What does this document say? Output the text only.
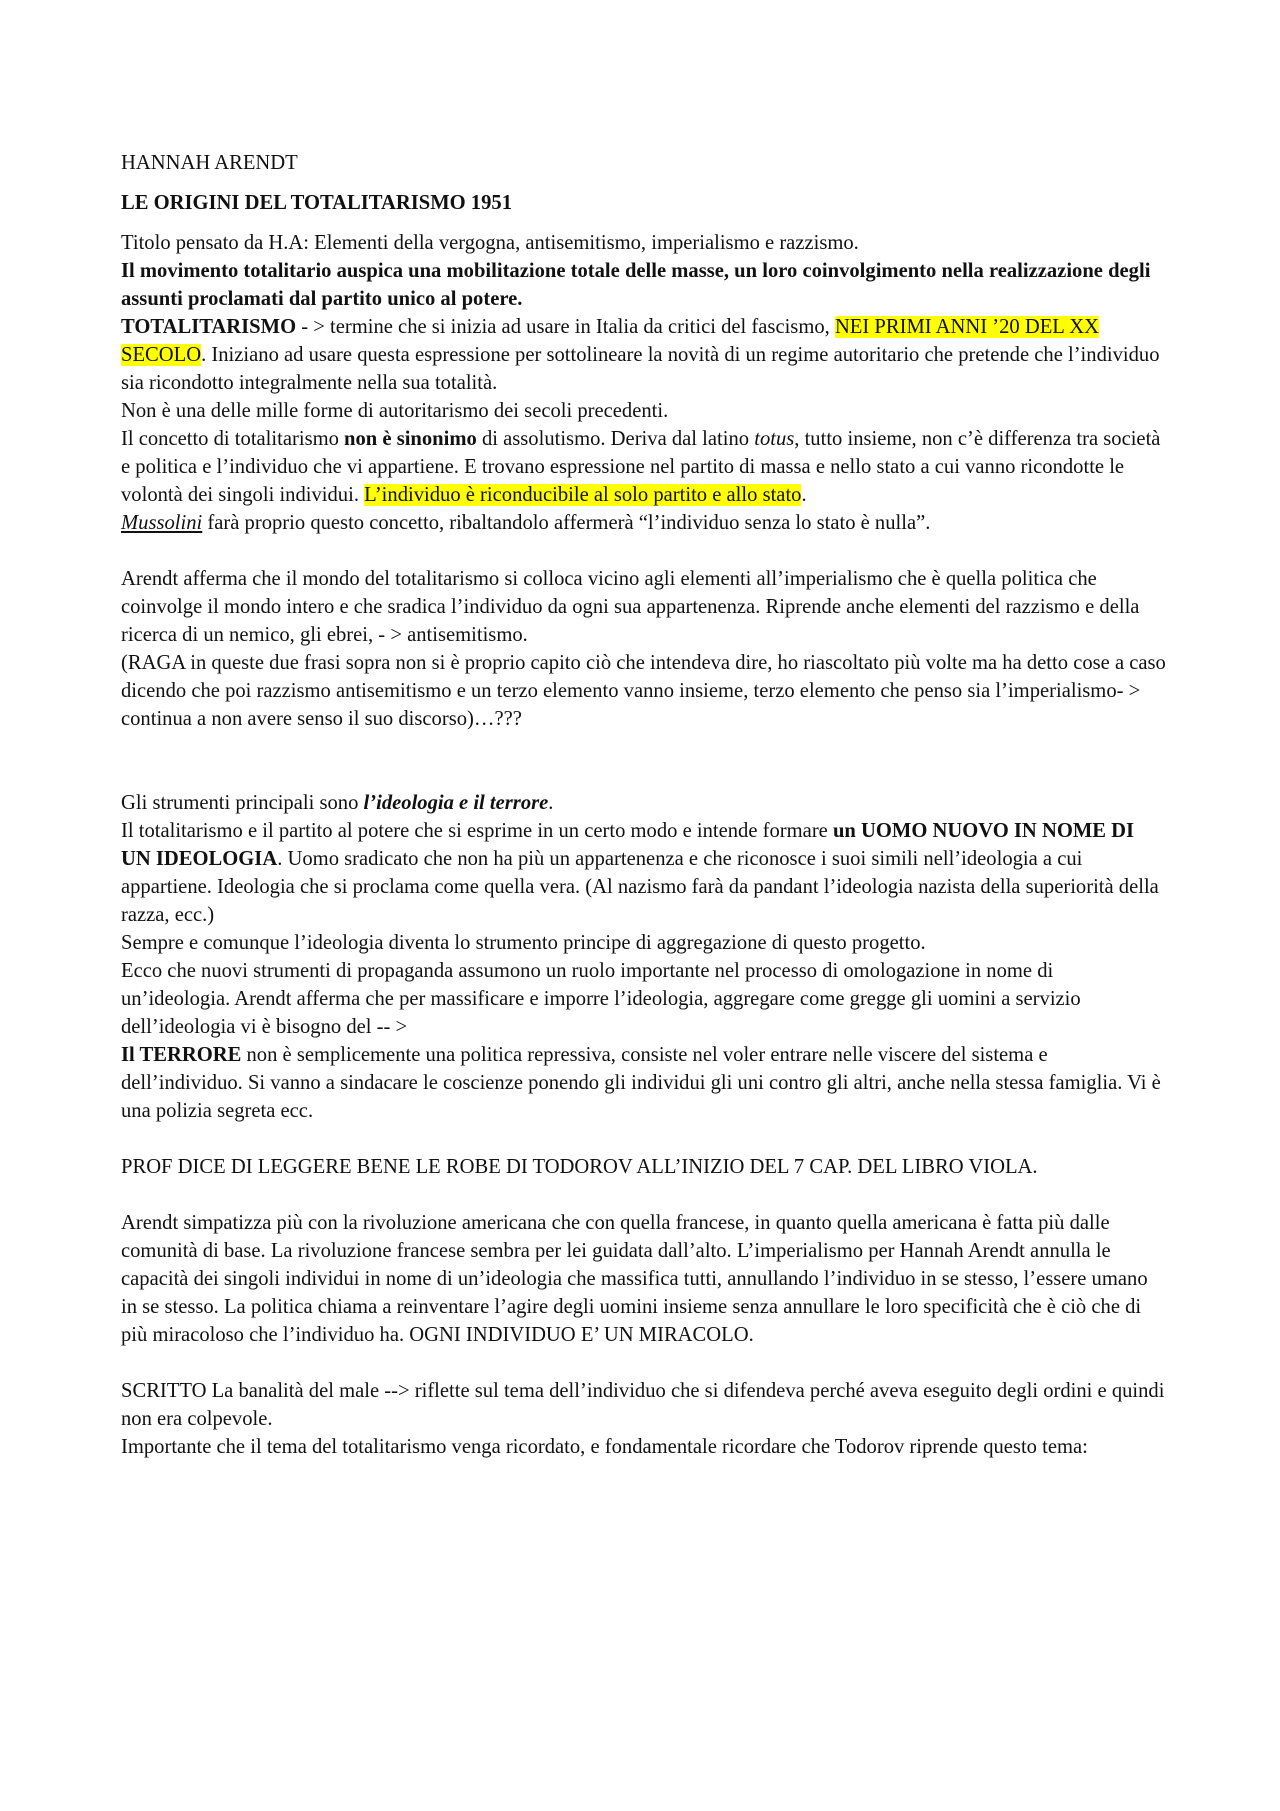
HANNAH ARENDT

LE ORIGINI DEL TOTALITARISMO 1951

Titolo pensato da H.A: Elementi della vergogna, antisemitismo, imperialismo e razzismo.

Il movimento totalitario auspica una mobilitazione totale delle masse, un loro coinvolgimento nella realizzazione degli assunti proclamati dal partito unico al potere.

TOTALITARISMO - > termine che si inizia ad usare in Italia da critici del fascismo, NEI PRIMI ANNI ’20 DEL XX SECOLO. Iniziano ad usare questa espressione per sottolineare la novità di un regime autoritario che pretende che l’individuo sia ricondotto integralmente nella sua totalità.

Non è una delle mille forme di autoritarismo dei secoli precedenti.

Il concetto di totalitarismo non è sinonimo di assolutismo. Deriva dal latino totus, tutto insieme, non c’è differenza tra società e politica e l’individuo che vi appartiene. E trovano espressione nel partito di massa e nello stato a cui vanno ricondotte le volontà dei singoli individui. L’individuo è riconducibile al solo partito e allo stato.

Mussolini farà proprio questo concetto, ribaltandolo affermerà “l’individuo senza lo stato è nulla”.

Arendt afferma che il mondo del totalitarismo si colloca vicino agli elementi all’imperialismo che è quella politica che coinvolge il mondo intero e che sradica l’individuo da ogni sua appartenenza. Riprende anche elementi del razzismo e della ricerca di un nemico, gli ebrei, - > antisemitismo.

(RAGA in queste due frasi sopra non si è proprio capito ciò che intendeva dire, ho riascoltato più volte ma ha detto cose a caso dicendo che poi razzismo antisemitismo e un terzo elemento vanno insieme, terzo elemento che penso sia l’imperialismo- > continua a non avere senso il suo discorso)…???

Gli strumenti principali sono l’ideologia e il terrore.

Il totalitarismo e il partito al potere che si esprime in un certo modo e intende formare un UOMO NUOVO IN NOME DI UN IDEOLOGIA. Uomo sradicato che non ha più un appartenenza e che riconosce i suoi simili nell’ideologia a cui appartiene. Ideologia che si proclama come quella vera. (Al nazismo farà da pandant l’ideologia nazista della superiorità della razza, ecc.)

Sempre e comunque l’ideologia diventa lo strumento principe di aggregazione di questo progetto.

Ecco che nuovi strumenti di propaganda assumono un ruolo importante nel processo di omologazione in nome di un’ideologia. Arendt afferma che per massificare e imporre l’ideologia, aggregare come gregge gli uomini a servizio dell’ideologia vi è bisogno del -- >

Il TERRORE non è semplicemente una politica repressiva, consiste nel voler entrare nelle viscere del sistema e dell’individuo. Si vanno a sindacare le coscienze ponendo gli individui gli uni contro gli altri, anche nella stessa famiglia. Vi è una polizia segreta ecc.

PROF DICE DI LEGGERE BENE LE ROBE DI TODOROV ALL’INIZIO DEL 7 CAP. DEL LIBRO VIOLA.

Arendt simpatizza più con la rivoluzione americana che con quella francese, in quanto quella americana è fatta più dalle comunità di base. La rivoluzione francese sembra per lei guidata dall’alto. L’imperialismo per Hannah Arendt annulla le capacità dei singoli individui in nome di un’ideologia che massifica tutti, annullando l’individuo in se stesso, l’essere umano in se stesso. La politica chiama a reinventare l’agire degli uomini insieme senza annullare le loro specificità che è ciò che di più miracoloso che l’individuo ha. OGNI INDIVIDUO E’ UN MIRACOLO.

SCRITTO La banalità del male --> riflette sul tema dell’individuo che si difendeva perché aveva eseguito degli ordini e quindi non era colpevole.

Importante che il tema del totalitarismo venga ricordato, e fondamentale ricordare che Todorov riprende questo tema:
